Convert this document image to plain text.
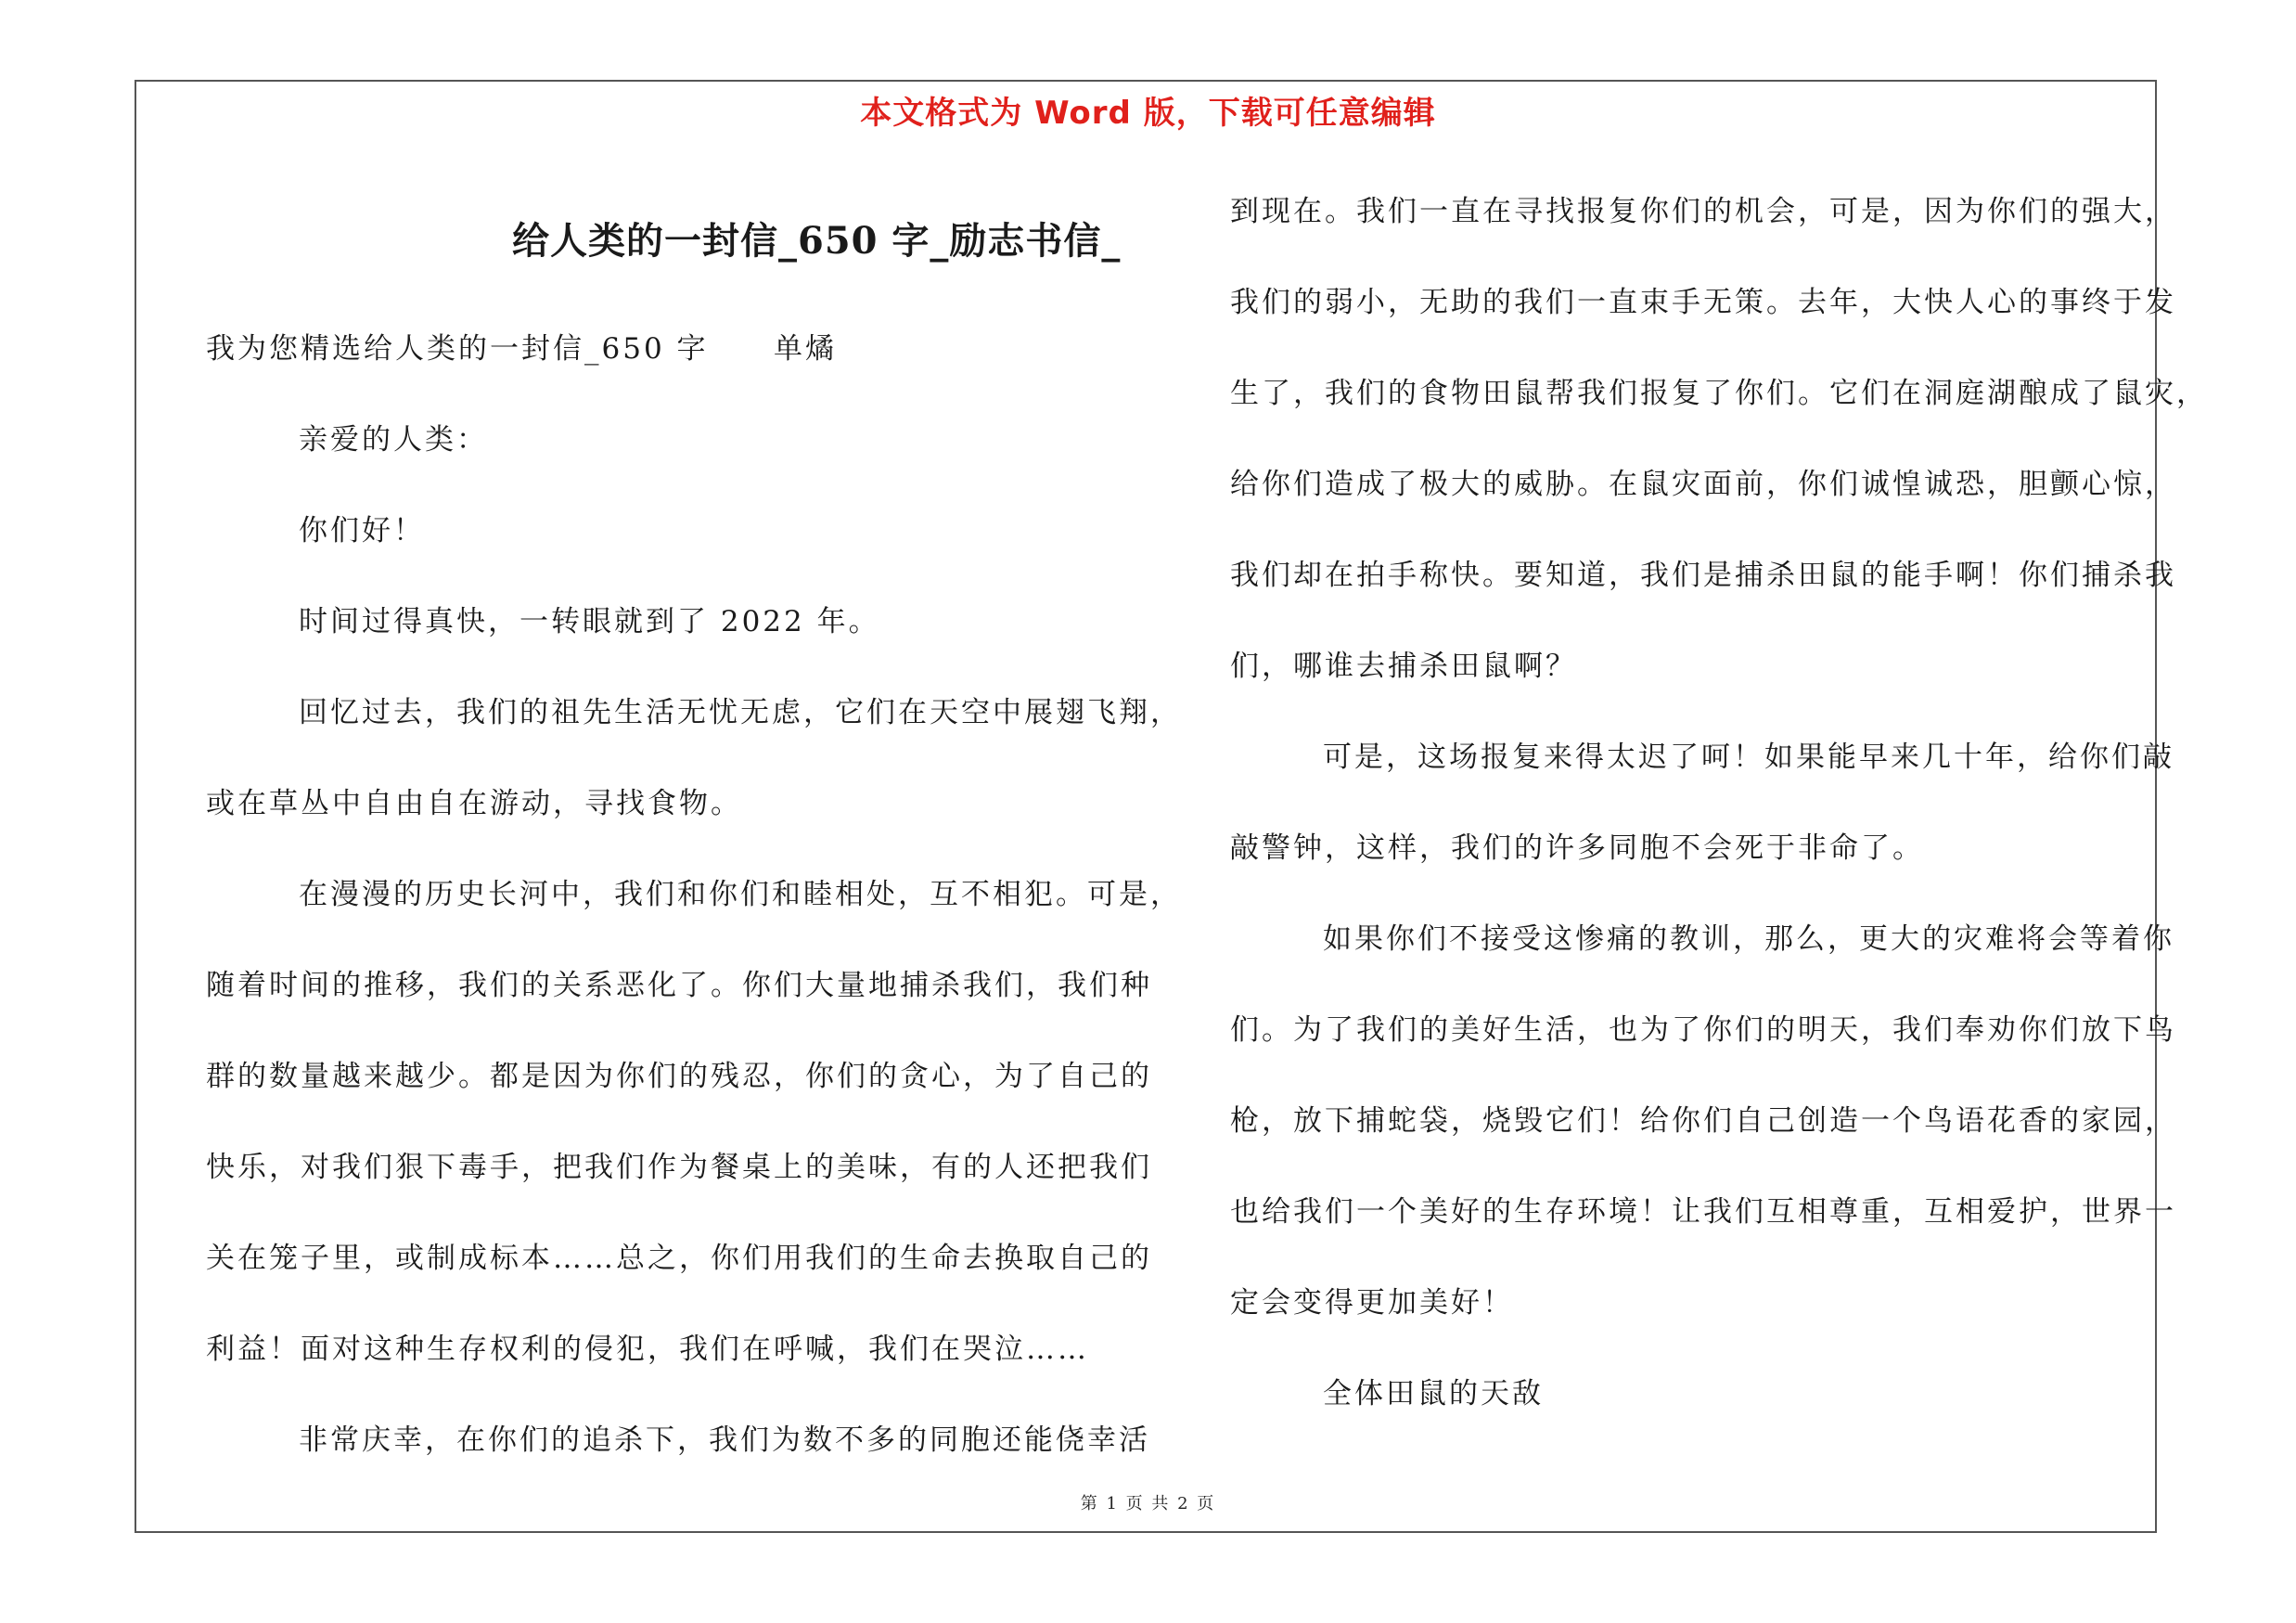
本文格式为 Word 版，下载可任意编辑
给人类的一封信_650 字_励志书信_
我为您精选给人类的一封信_650 字 单燏
亲爱的人类：
你们好！
时间过得真快，一转眼就到了 2022 年。
回忆过去，我们的祖先生活无忧无虑，它们在天空中展翅飞翔，
或在草丛中自由自在游动，寻找食物。
在漫漫的历史长河中，我们和你们和睦相处，互不相犯。可是，
随着时间的推移，我们的关系恶化了。你们大量地捕杀我们，我们种
群的数量越来越少。都是因为你们的残忍，你们的贪心，为了自己的
快乐，对我们狠下毒手，把我们作为餐桌上的美味，有的人还把我们
关在笼子里，或制成标本……总之，你们用我们的生命去换取自己的
利益！面对这种生存权利的侵犯，我们在呼喊，我们在哭泣……
非常庆幸，在你们的追杀下，我们为数不多的同胞还能侥幸活
到现在。我们一直在寻找报复你们的机会，可是，因为你们的强大，
我们的弱小，无助的我们一直束手无策。去年，大快人心的事终于发
生了，我们的食物田鼠帮我们报复了你们。它们在洞庭湖酿成了鼠灾，
给你们造成了极大的威胁。在鼠灾面前，你们诚惶诚恐，胆颤心惊，
我们却在拍手称快。要知道，我们是捕杀田鼠的能手啊！你们捕杀我
们，哪谁去捕杀田鼠啊？
可是，这场报复来得太迟了呵！如果能早来几十年，给你们敲
敲警钟，这样，我们的许多同胞不会死于非命了。
如果你们不接受这惨痛的教训，那么，更大的灾难将会等着你
们。为了我们的美好生活，也为了你们的明天，我们奉劝你们放下鸟
枪，放下捕蛇袋，烧毁它们！给你们自己创造一个鸟语花香的家园，
也给我们一个美好的生存环境！让我们互相尊重，互相爱护，世界一
定会变得更加美好！
全体田鼠的天敌
第 1 页 共 2 页
